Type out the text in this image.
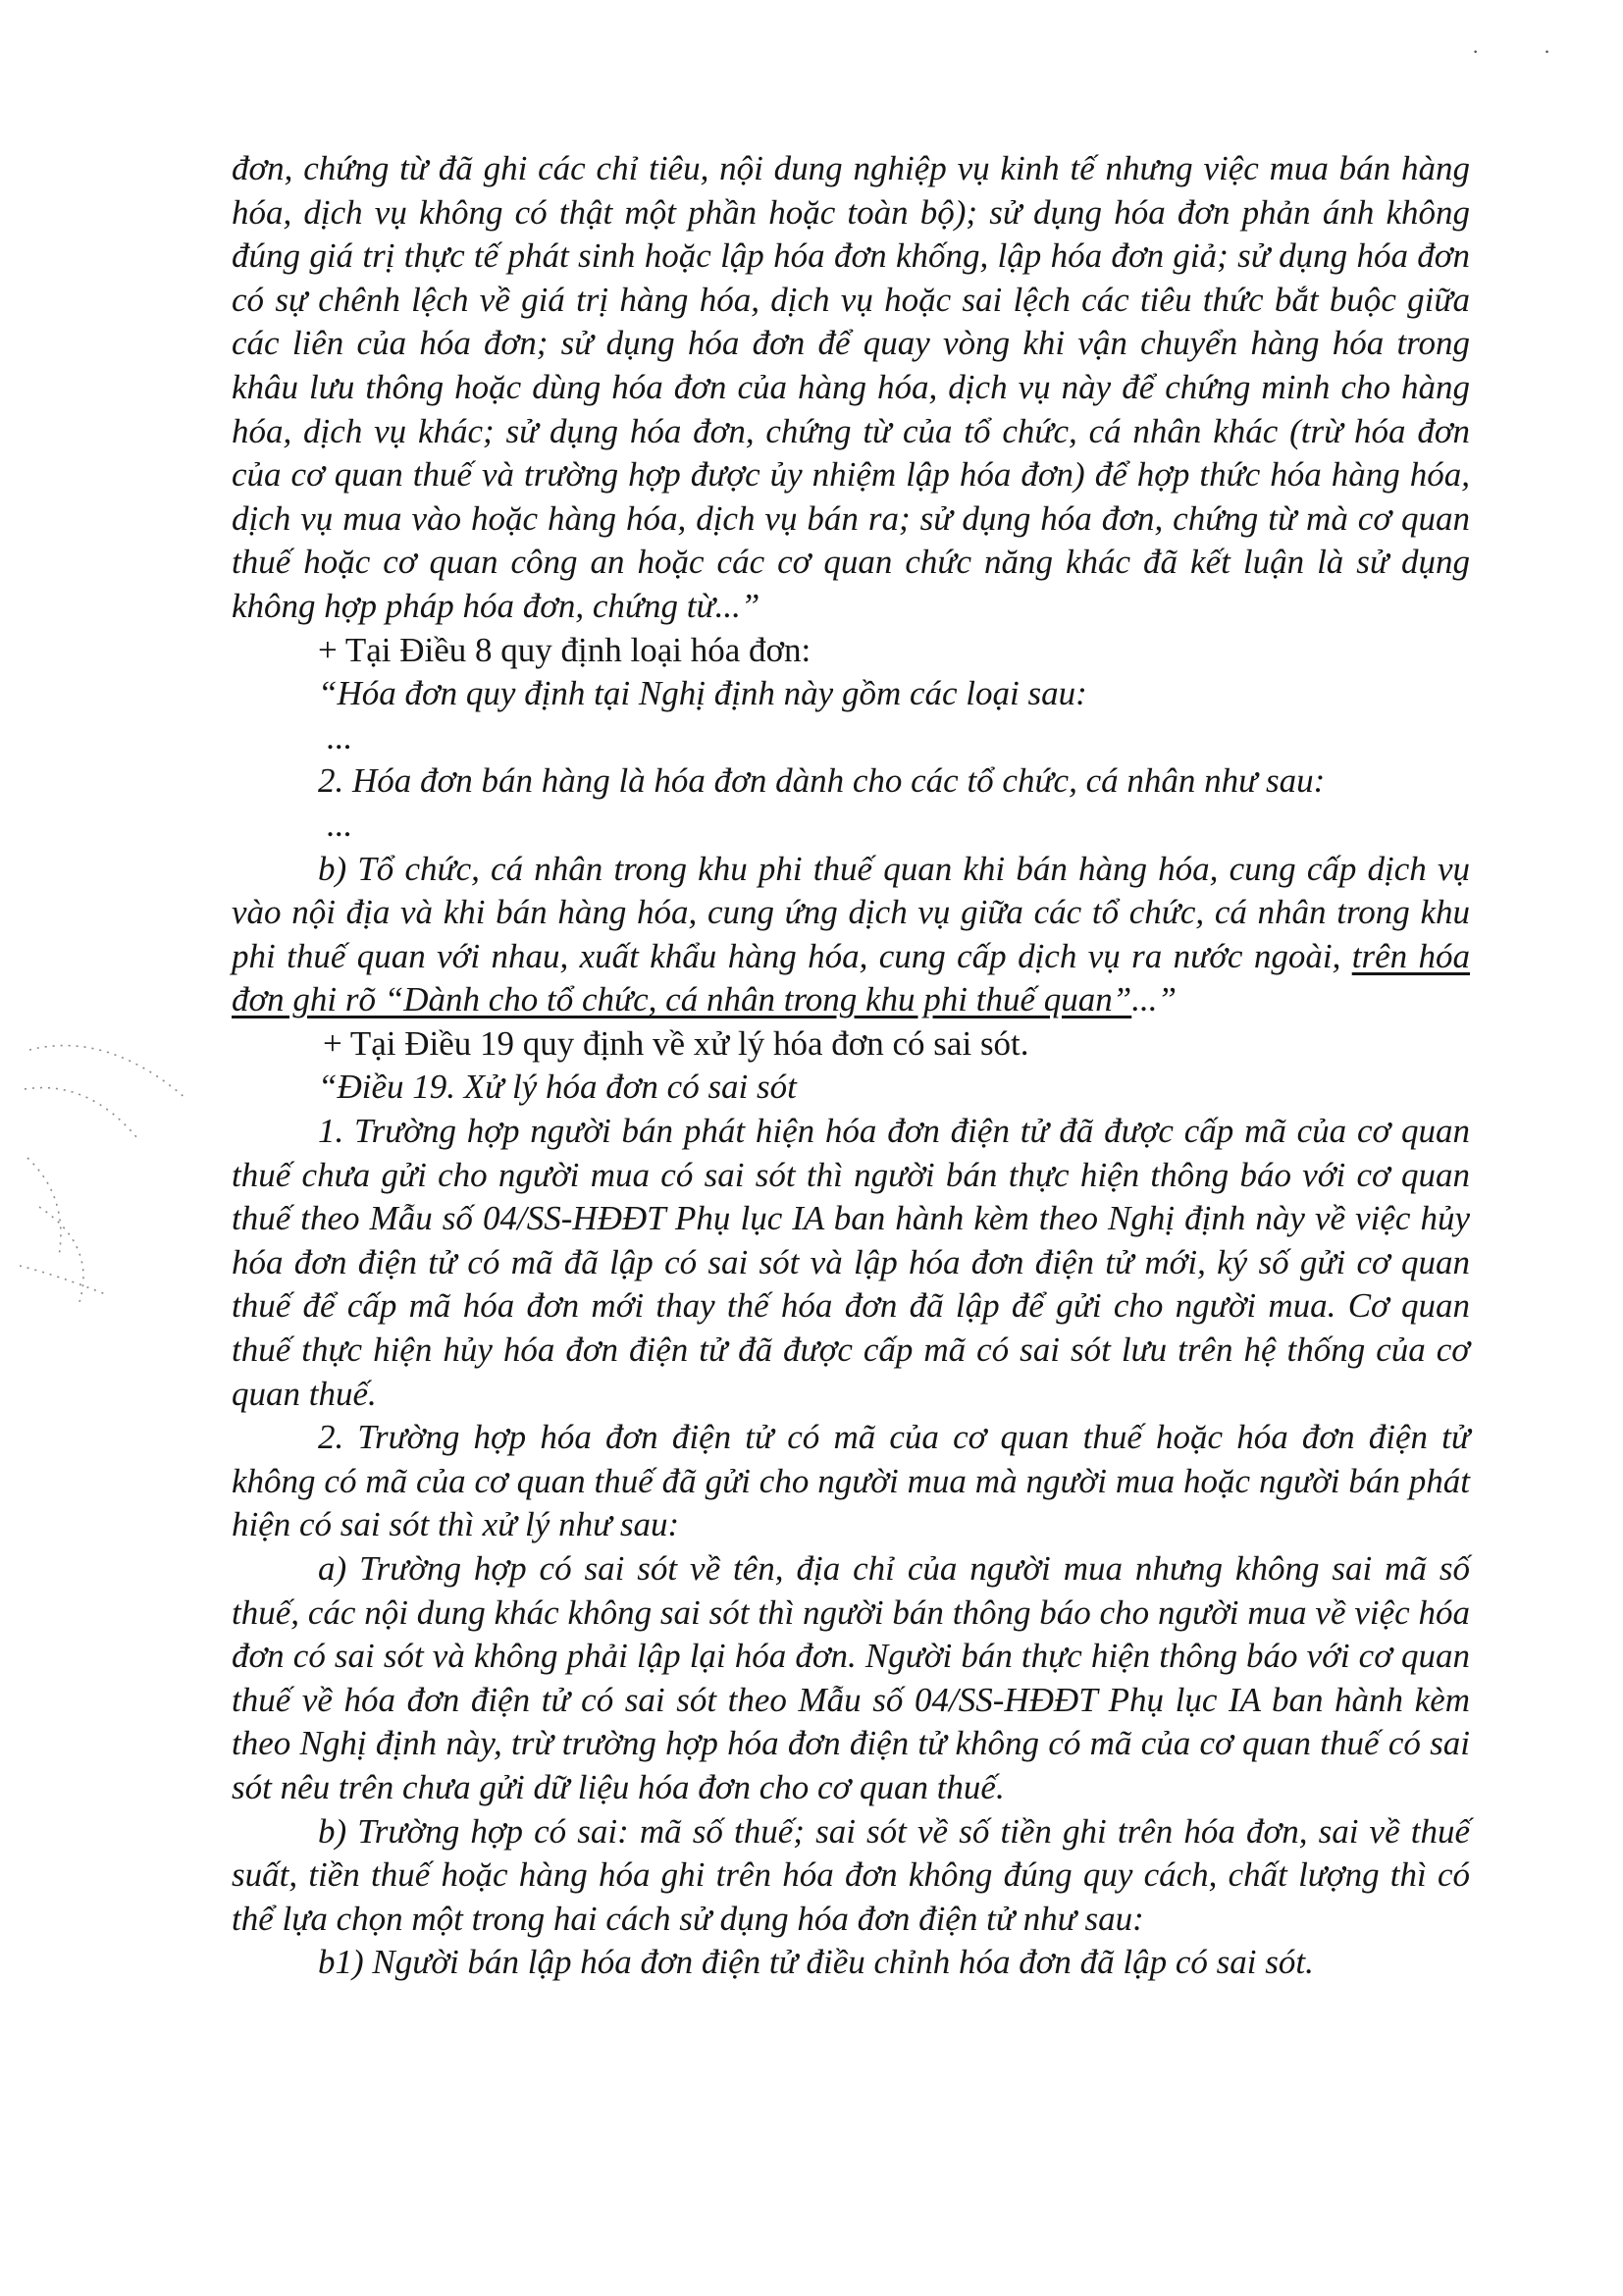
· ·

đơn, chứng từ đã ghi các chỉ tiêu, nội dung nghiệp vụ kinh tế nhưng việc mua bán hàng hóa, dịch vụ không có thật một phần hoặc toàn bộ); sử dụng hóa đơn phản ánh không đúng giá trị thực tế phát sinh hoặc lập hóa đơn khống, lập hóa đơn giả; sử dụng hóa đơn có sự chênh lệch về giá trị hàng hóa, dịch vụ hoặc sai lệch các tiêu thức bắt buộc giữa các liên của hóa đơn; sử dụng hóa đơn để quay vòng khi vận chuyển hàng hóa trong khâu lưu thông hoặc dùng hóa đơn của hàng hóa, dịch vụ này để chứng minh cho hàng hóa, dịch vụ khác; sử dụng hóa đơn, chứng từ của tổ chức, cá nhân khác (trừ hóa đơn của cơ quan thuế và trường hợp được ủy nhiệm lập hóa đơn) để hợp thức hóa hàng hóa, dịch vụ mua vào hoặc hàng hóa, dịch vụ bán ra; sử dụng hóa đơn, chứng từ mà cơ quan thuế hoặc cơ quan công an hoặc các cơ quan chức năng khác đã kết luận là sử dụng không hợp pháp hóa đơn, chứng từ...”

+ Tại Điều 8 quy định loại hóa đơn:

“Hóa đơn quy định tại Nghị định này gồm các loại sau:

...

2. Hóa đơn bán hàng là hóa đơn dành cho các tổ chức, cá nhân như sau:

...

b) Tổ chức, cá nhân trong khu phi thuế quan khi bán hàng hóa, cung cấp dịch vụ vào nội địa và khi bán hàng hóa, cung ứng dịch vụ giữa các tổ chức, cá nhân trong khu phi thuế quan với nhau, xuất khẩu hàng hóa, cung cấp dịch vụ ra nước ngoài, trên hóa đơn ghi rõ “Dành cho tổ chức, cá nhân trong khu phi thuế quan”...”

+ Tại Điều 19 quy định về xử lý hóa đơn có sai sót.

“Điều 19. Xử lý hóa đơn có sai sót

1. Trường hợp người bán phát hiện hóa đơn điện tử đã được cấp mã của cơ quan thuế chưa gửi cho người mua có sai sót thì người bán thực hiện thông báo với cơ quan thuế theo Mẫu số 04/SS-HĐĐT Phụ lục IA ban hành kèm theo Nghị định này về việc hủy hóa đơn điện tử có mã đã lập có sai sót và lập hóa đơn điện tử mới, ký số gửi cơ quan thuế để cấp mã hóa đơn mới thay thế hóa đơn đã lập để gửi cho người mua. Cơ quan thuế thực hiện hủy hóa đơn điện tử đã được cấp mã có sai sót lưu trên hệ thống của cơ quan thuế.

2. Trường hợp hóa đơn điện tử có mã của cơ quan thuế hoặc hóa đơn điện tử không có mã của cơ quan thuế đã gửi cho người mua mà người mua hoặc người bán phát hiện có sai sót thì xử lý như sau:

a) Trường hợp có sai sót về tên, địa chỉ của người mua nhưng không sai mã số thuế, các nội dung khác không sai sót thì người bán thông báo cho người mua về việc hóa đơn có sai sót và không phải lập lại hóa đơn. Người bán thực hiện thông báo với cơ quan thuế về hóa đơn điện tử có sai sót theo Mẫu số 04/SS-HĐĐT Phụ lục IA ban hành kèm theo Nghị định này, trừ trường hợp hóa đơn điện tử không có mã của cơ quan thuế có sai sót nêu trên chưa gửi dữ liệu hóa đơn cho cơ quan thuế.

b) Trường hợp có sai: mã số thuế; sai sót về số tiền ghi trên hóa đơn, sai về thuế suất, tiền thuế hoặc hàng hóa ghi trên hóa đơn không đúng quy cách, chất lượng thì có thể lựa chọn một trong hai cách sử dụng hóa đơn điện tử như sau:

b1) Người bán lập hóa đơn điện tử điều chỉnh hóa đơn đã lập có sai sót.
